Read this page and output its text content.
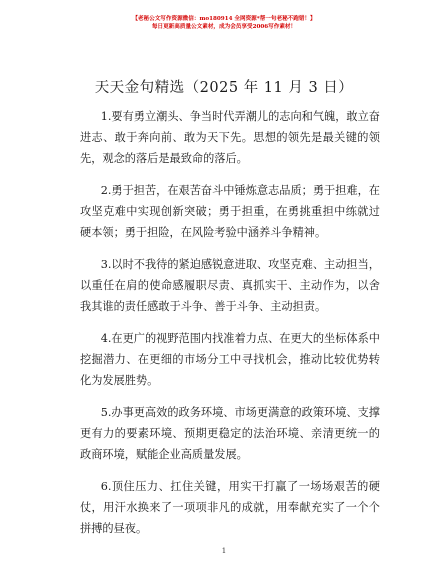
【老秘公文写作资源微信：mo180914 全网资源*帮一句老秘不跑错！】
每日更新高质量公文素材，成为会员享受2006写作素材！
天天金句精选（2025 年 11 月 3 日）

1.要有勇立潮头、争当时代弄潮儿的志向和气魄，敢立奋进志、敢于奔向前、敢为天下先。思想的领先是最关键的领先，观念的落后是最致命的落后。

2.勇于担苦，在艰苦奋斗中锤炼意志品质；勇于担难，在攻坚克难中实现创新突破；勇于担重，在勇挑重担中练就过硬本领；勇于担险，在风险考验中涵养斗争精神。

3.以时不我待的紧迫感锐意进取、攻坚克难、主动担当，以重任在肩的使命感履职尽责、真抓实干、主动作为，以舍我其谁的责任感敢于斗争、善于斗争、主动担责。

4.在更广的视野范围内找准着力点、在更大的坐标体系中挖掘潜力、在更细的市场分工中寻找机会，推动比较优势转化为发展胜势。

5.办事更高效的政务环境、市场更满意的政策环境、支撑更有力的要素环境、预期更稳定的法治环境、亲清更统一的政商环境，赋能企业高质量发展。

6.顶住压力、扛住关键，用实干打赢了一场场艰苦的硬仗，用汗水换来了一项项非凡的成就，用奉献充实了一个个拼搏的昼夜。

1
